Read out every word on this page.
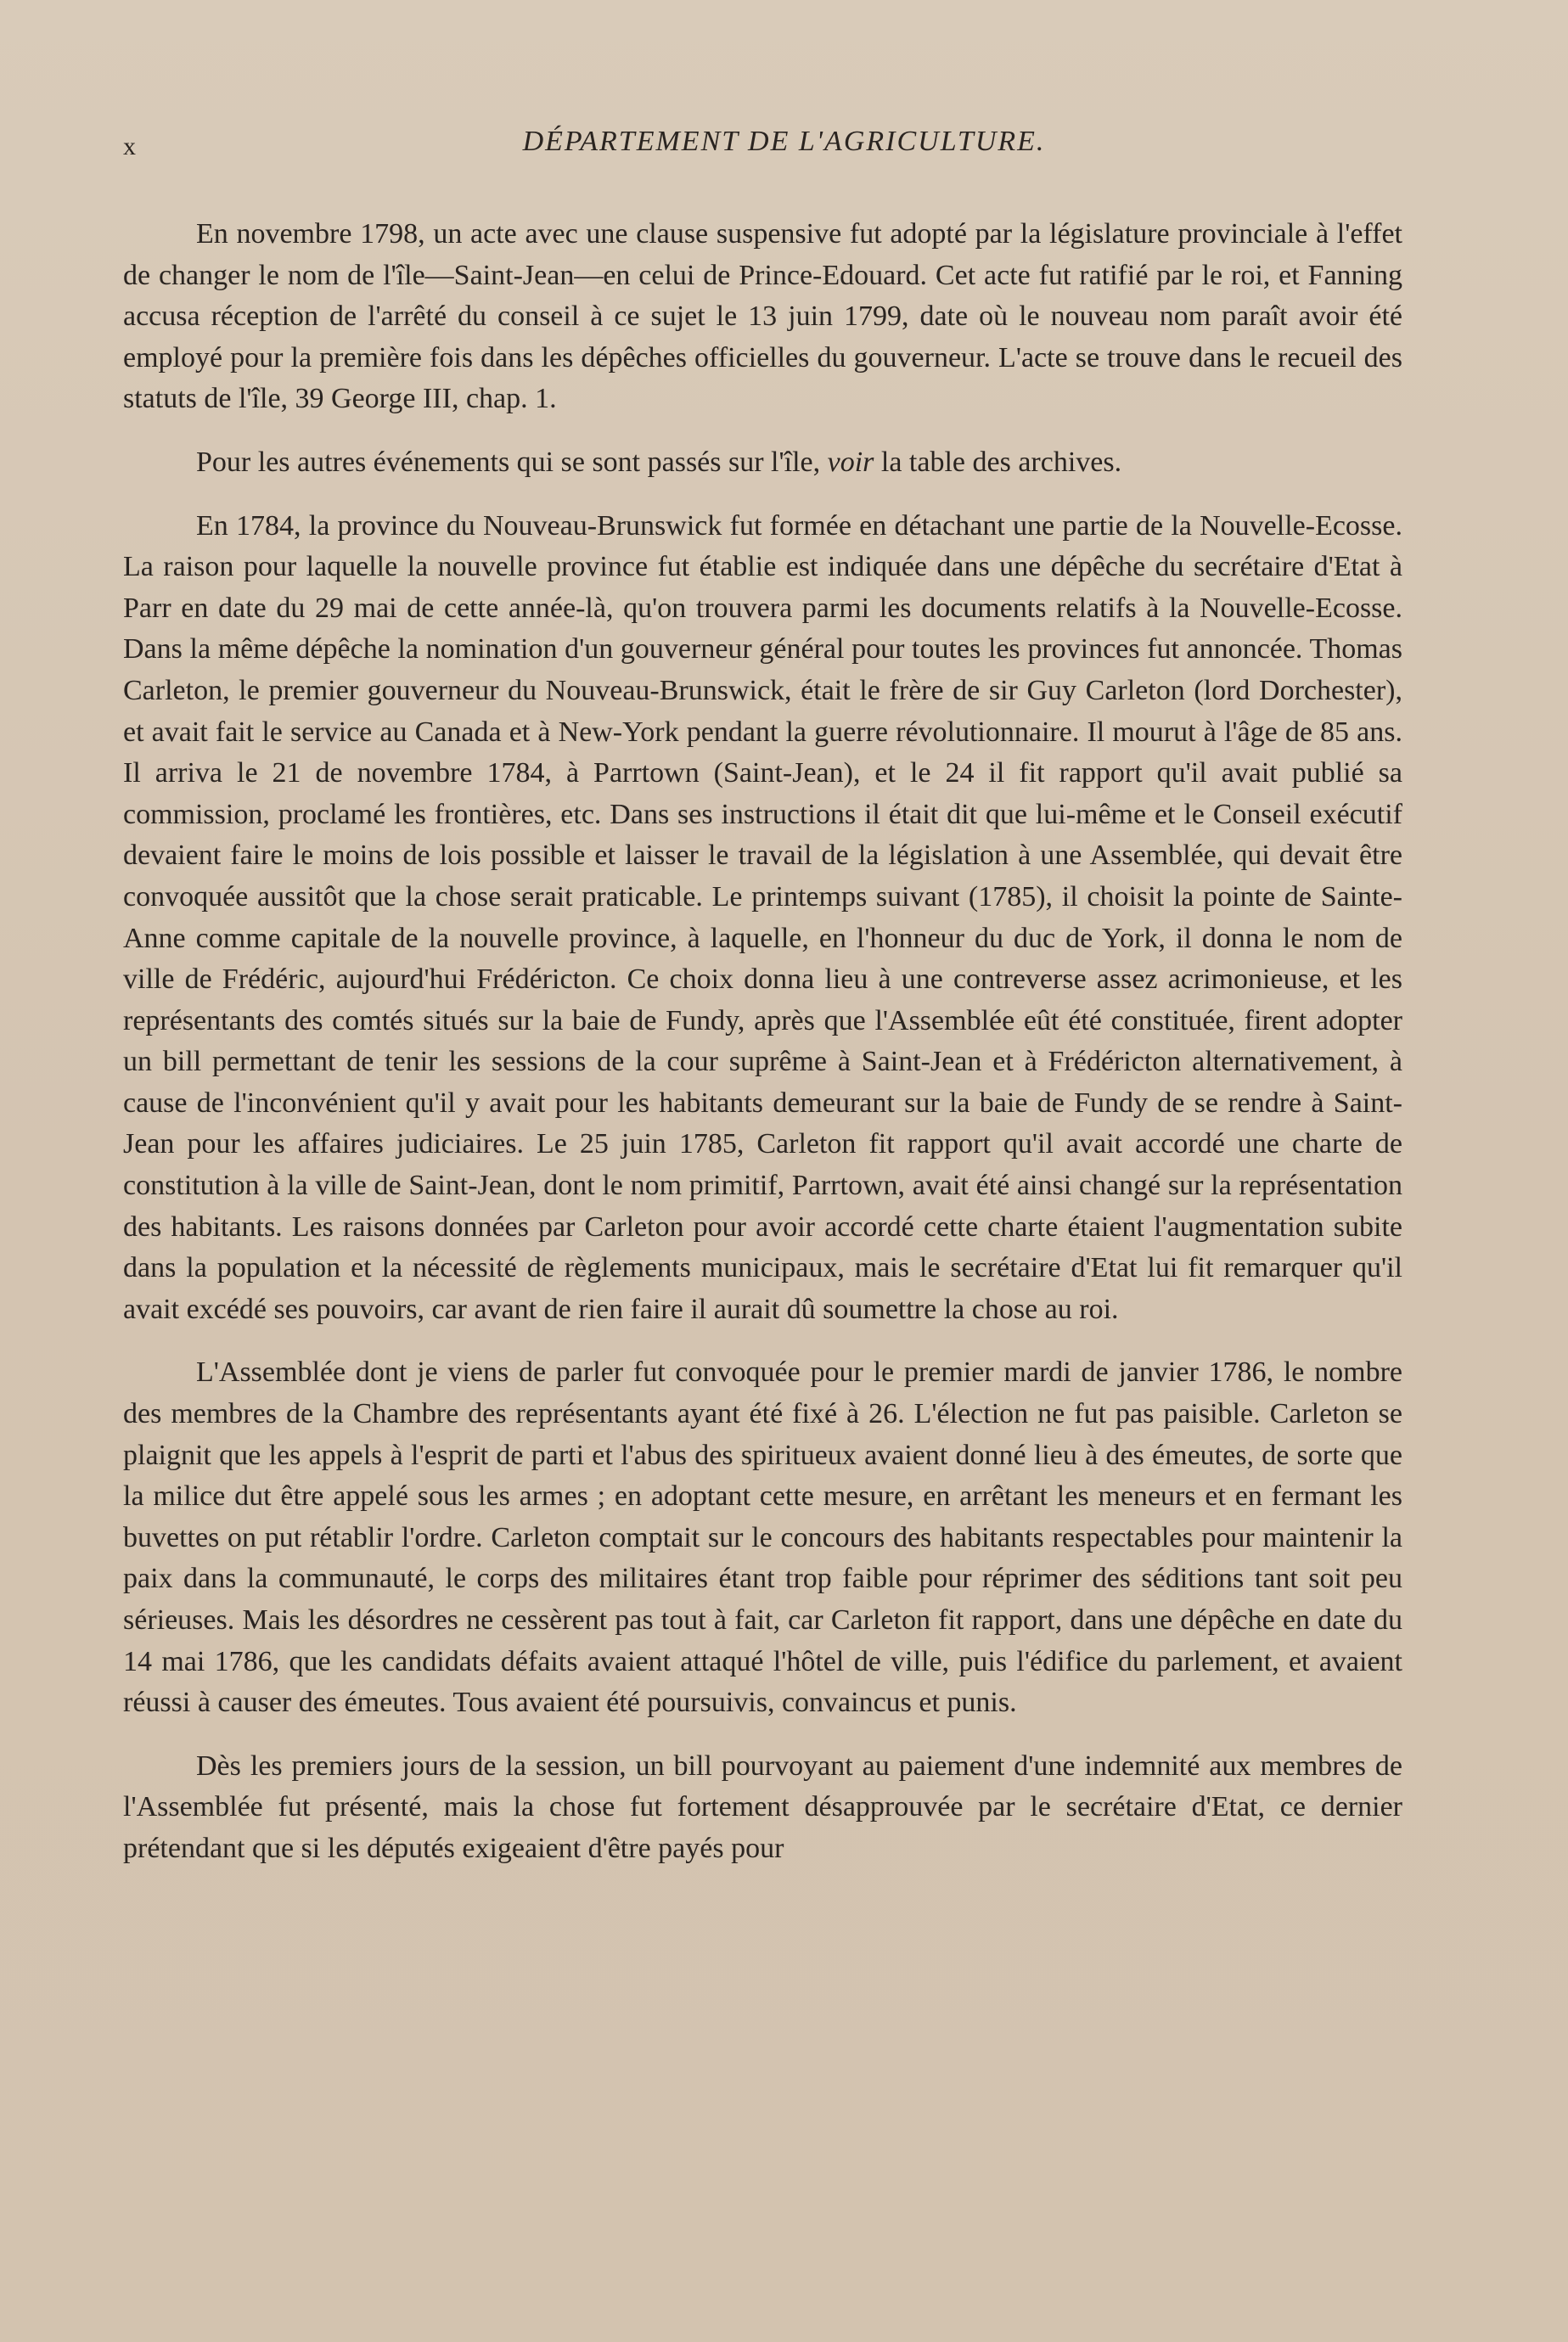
x	DÉPARTEMENT DE L'AGRICULTURE.

En novembre 1798, un acte avec une clause suspensive fut adopté par la législature provinciale à l'effet de changer le nom de l'île—Saint-Jean—en celui de Prince-Edouard. Cet acte fut ratifié par le roi, et Fanning accusa réception de l'arrêté du conseil à ce sujet le 13 juin 1799, date où le nouveau nom paraît avoir été employé pour la première fois dans les dépêches officielles du gouverneur. L'acte se trouve dans le recueil des statuts de l'île, 39 George III, chap. 1.

Pour les autres événements qui se sont passés sur l'île, voir la table des archives.

En 1784, la province du Nouveau-Brunswick fut formée en détachant une partie de la Nouvelle-Ecosse. La raison pour laquelle la nouvelle province fut établie est indiquée dans une dépêche du secrétaire d'Etat à Parr en date du 29 mai de cette année-là, qu'on trouvera parmi les documents relatifs à la Nouvelle-Ecosse. Dans la même dépêche la nomination d'un gouverneur général pour toutes les provinces fut annoncée. Thomas Carleton, le premier gouverneur du Nouveau-Brunswick, était le frère de sir Guy Carleton (lord Dorchester), et avait fait le service au Canada et à New-York pendant la guerre révolutionnaire. Il mourut à l'âge de 85 ans. Il arriva le 21 de novembre 1784, à Parrtown (Saint-Jean), et le 24 il fit rapport qu'il avait publié sa commission, proclamé les frontières, etc. Dans ses instructions il était dit que lui-même et le Conseil exécutif devaient faire le moins de lois possible et laisser le travail de la législation à une Assemblée, qui devait être convoquée aussitôt que la chose serait praticable. Le printemps suivant (1785), il choisit la pointe de Sainte-Anne comme capitale de la nouvelle province, à laquelle, en l'honneur du duc de York, il donna le nom de ville de Frédéric, aujourd'hui Frédéricton. Ce choix donna lieu à une contreverse assez acrimonieuse, et les représentants des comtés situés sur la baie de Fundy, après que l'Assemblée eût été constituée, firent adopter un bill permettant de tenir les sessions de la cour suprême à Saint-Jean et à Frédéricton alternativement, à cause de l'inconvénient qu'il y avait pour les habitants demeurant sur la baie de Fundy de se rendre à Saint-Jean pour les affaires judiciaires. Le 25 juin 1785, Carleton fit rapport qu'il avait accordé une charte de constitution à la ville de Saint-Jean, dont le nom primitif, Parrtown, avait été ainsi changé sur la représentation des habitants. Les raisons données par Carleton pour avoir accordé cette charte étaient l'augmentation subite dans la population et la nécessité de règlements municipaux, mais le secrétaire d'Etat lui fit remarquer qu'il avait excédé ses pouvoirs, car avant de rien faire il aurait dû soumettre la chose au roi.

L'Assemblée dont je viens de parler fut convoquée pour le premier mardi de janvier 1786, le nombre des membres de la Chambre des représentants ayant été fixé à 26. L'élection ne fut pas paisible. Carleton se plaignit que les appels à l'esprit de parti et l'abus des spiritueux avaient donné lieu à des émeutes, de sorte que la milice dut être appelé sous les armes ; en adoptant cette mesure, en arrêtant les meneurs et en fermant les buvettes on put rétablir l'ordre. Carleton comptait sur le concours des habitants respectables pour maintenir la paix dans la communauté, le corps des militaires étant trop faible pour réprimer des séditions tant soit peu sérieuses. Mais les désordres ne cessèrent pas tout à fait, car Carleton fit rapport, dans une dépêche en date du 14 mai 1786, que les candidats défaits avaient attaqué l'hôtel de ville, puis l'édifice du parlement, et avaient réussi à causer des émeutes. Tous avaient été poursuivis, convaincus et punis.

Dès les premiers jours de la session, un bill pourvoyant au paiement d'une indemnité aux membres de l'Assemblée fut présenté, mais la chose fut fortement désapprouvée par le secrétaire d'Etat, ce dernier prétendant que si les députés exigeaient d'être payés pour
